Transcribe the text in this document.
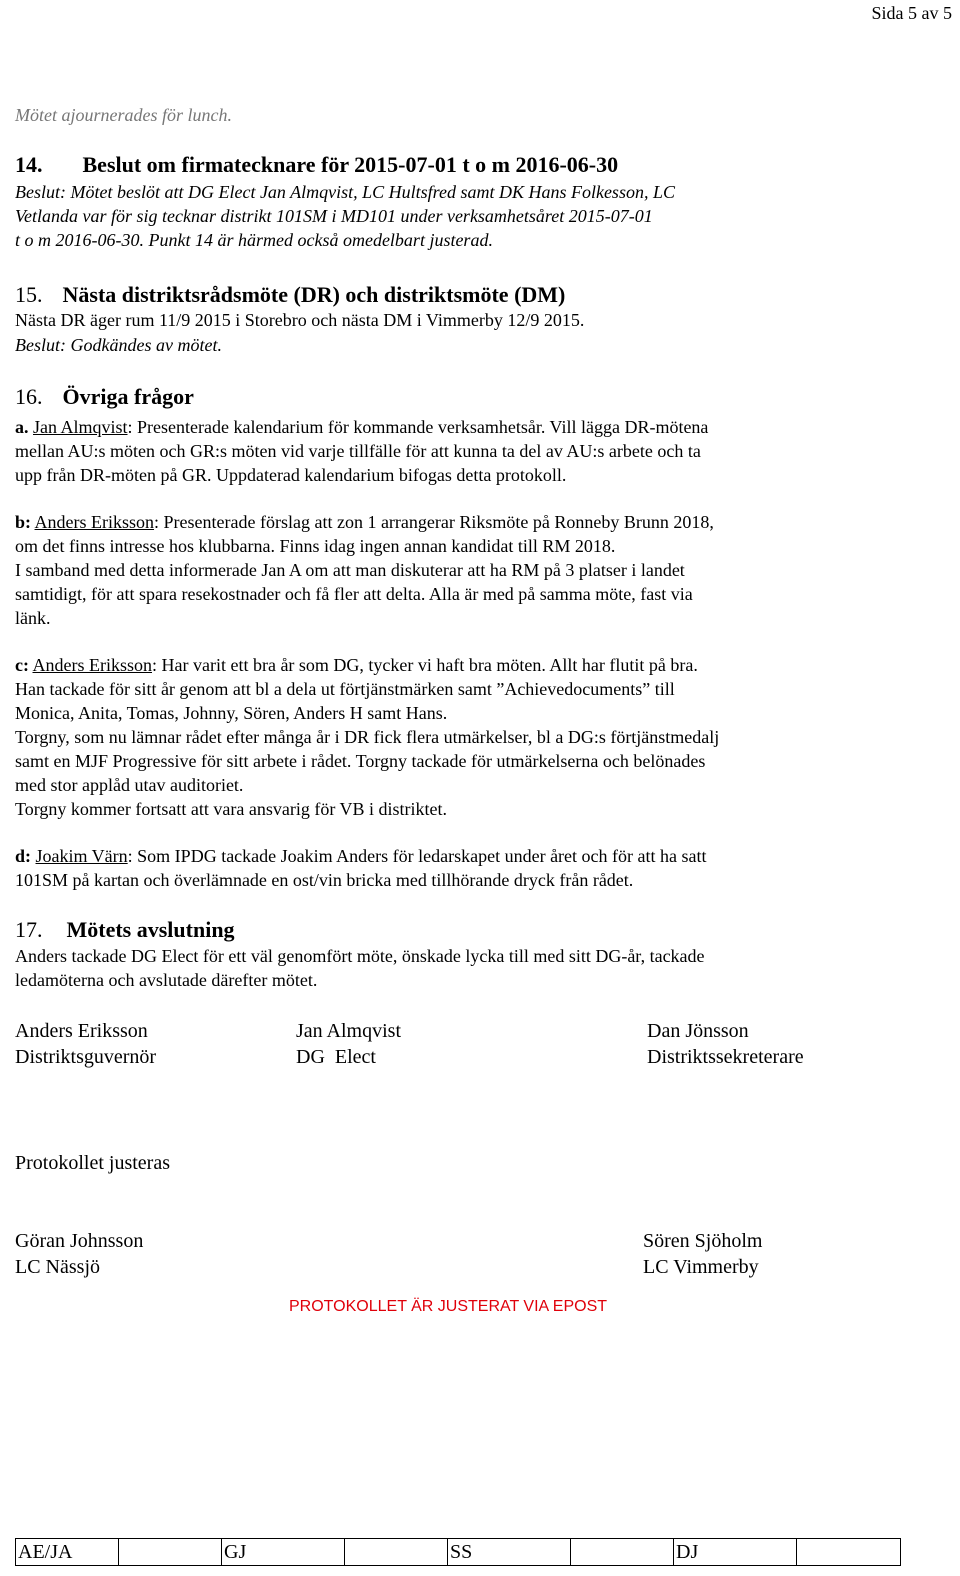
Sida 5 av 5
Mötet ajournerades för lunch.
14. Beslut om firmatecknare för 2015-07-01 t o m 2016-06-30

Beslut: Mötet beslöt att DG Elect Jan Almqvist, LC Hultsfred samt DK Hans Folkesson, LC

Vetlanda var för sig tecknar distrikt 101SM i MD101 under verksamhetsåret 2015-07-01

t o m 2016-06-30. Punkt 14 är härmed också omedelbart justerad.

15. Nästa distriktsrådsmöte (DR) och distriktsmöte (DM)
Nästa DR äger rum 11/9 2015 i Storebro och nästa DM i Vimmerby 12/9 2015.
Beslut: Godkändes av mötet.
16. Övriga frågor

a. Jan Almqvist: Presenterade kalendarium för kommande verksamhetsår. Vill lägga DR-mötena

mellan AU:s möten och GR:s möten vid varje tillfälle för att kunna ta del av AU:s arbete och ta

upp från DR-möten på GR. Uppdaterad kalendarium bifogas detta protokoll.

b: Anders Eriksson: Presenterade förslag att zon 1 arrangerar Riksmöte på Ronneby Brunn 2018,

om det finns intresse hos klubbarna. Finns idag ingen annan kandidat till RM 2018.

I samband med detta informerade Jan A om att man diskuterar att ha RM på 3 platser i landet

samtidigt, för att spara resekostnader och få fler att delta. Alla är med på samma möte, fast via

länk.

c: Anders Eriksson: Har varit ett bra år som DG, tycker vi haft bra möten. Allt har flutit på bra.

Han tackade för sitt år genom att bl a dela ut förtjänstmärken samt ”Achievedocuments” till

Monica, Anita, Tomas, Johnny, Sören, Anders H samt Hans.

Torgny, som nu lämnar rådet efter många år i DR fick flera utmärkelser, bl a DG:s förtjänstmedalj

samt en MJF Progressive för sitt arbete i rådet. Torgny tackade för utmärkelserna och belönades

med stor applåd utav auditoriet.

Torgny kommer fortsatt att vara ansvarig för VB i distriktet.

d: Joakim Värn: Som IPDG tackade Joakim Anders för ledarskapet under året och för att ha satt

101SM på kartan och överlämnade en ost/vin bricka med tillhörande dryck från rådet.

17. Mötets avslutning

Anders tackade DG Elect för ett väl genomfört möte, önskade lycka till med sitt DG-år, tackade

ledamöterna och avslutade därefter mötet.

Anders Eriksson
Distriktsguvernör
Jan Almqvist
DG  Elect
Dan Jönsson
Distriktssekreterare
Protokollet justeras
Göran Johnsson
LC Nässjö
Sören Sjöholm
LC Vimmerby
PROTOKOLLET ÄR JUSTERAT VIA EPOST
AE/JA		GJ		SS		DJ	
